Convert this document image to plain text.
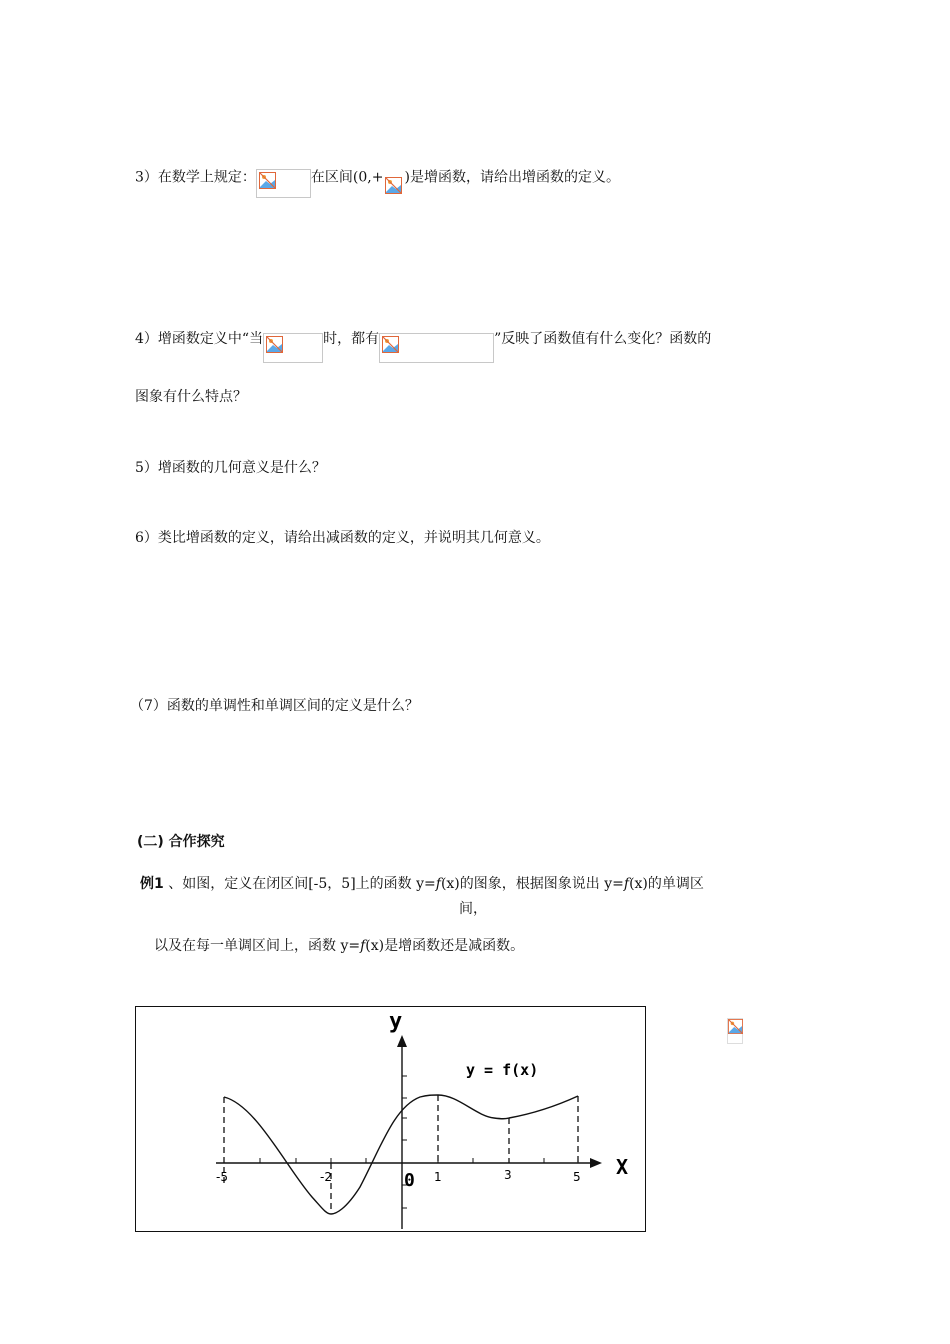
3）在数学上规定：	在区间(0,+ )是增函数，请给出增函数的定义。
4）增函数定义中“当	时，都有	”反映了函数值有什么变化？函数的
图象有什么特点？
5）增函数的几何意义是什么？
6）类比增函数的定义，请给出减函数的定义，并说明其几何意义。
（7）函数的单调性和单调区间的定义是什么？
(二) 合作探究
例1 、如图，定义在闭区间[-5，5]上的函数 y=f(x)的图象，根据图象说出 y=f(x)的单调区
间，
以及在每一单调区间上，函数 y=f(x)是增函数还是减函数。
y
X
y = f(x)
0
-5	-2	1	3	5
